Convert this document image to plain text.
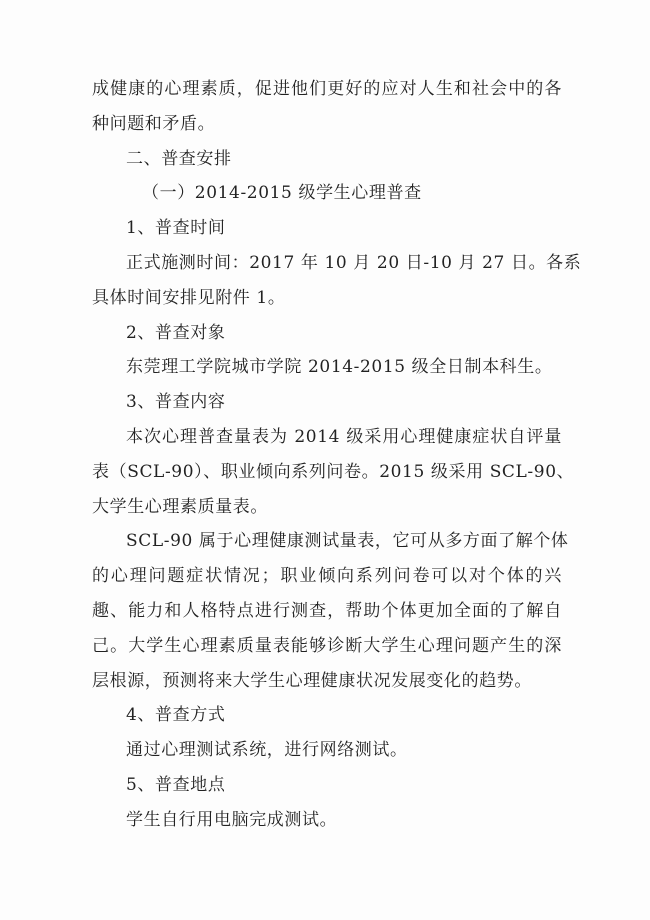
成健康的心理素质，促进他们更好的应对人生和社会中的各
种问题和矛盾。
二、普查安排
（一）2014-2015 级学生心理普查
1、普查时间
正式施测时间：2017 年 10 月 20 日-10 月 27 日。各系
具体时间安排见附件 1。
2、普查对象
东莞理工学院城市学院 2014-2015 级全日制本科生。
3、普查内容
本次心理普查量表为 2014 级采用心理健康症状自评量
表（SCL-90）、职业倾向系列问卷。2015 级采用 SCL-90、
大学生心理素质量表。
SCL-90 属于心理健康测试量表，它可从多方面了解个体
的心理问题症状情况；职业倾向系列问卷可以对个体的兴
趣、能力和人格特点进行测查，帮助个体更加全面的了解自
己。大学生心理素质量表能够诊断大学生心理问题产生的深
层根源，预测将来大学生心理健康状况发展变化的趋势。
4、普查方式
通过心理测试系统，进行网络测试。
5、普查地点
学生自行用电脑完成测试。
